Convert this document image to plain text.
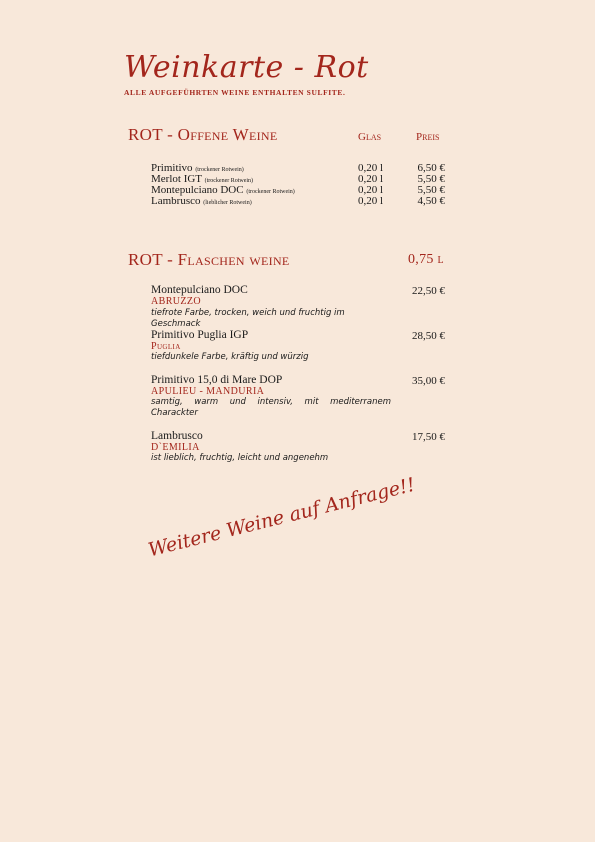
Weinkarte - Rot
ALLE AUFGEFÜHRTEN WEINE ENTHALTEN SULFITE.
ROT - Offene Weine	Glas	Preis
Primitivo (trockener Rotwein)	0,20 l	6,50 €
Merlot IGT (trockener Rotwein)	0,20 l	5,50 €
Montepulciano DOC (trockener Rotwein)	0,20 l	5,50 €
Lambrusco (lieblicher Rotwein)	0,20 l	4,50 €
ROT - Flaschen weine	0,75 l
Montepulciano DOC	22,50 €
ABRUZZO
tiefrote Farbe, trocken, weich und fruchtig im Geschmack
Primitivo Puglia IGP	28,50 €
Puglia
tiefdunkele Farbe, kräftig und würzig
Primitivo 15,0 di Mare DOP	35,00 €
APULIEU - MANDURIA
samtig, warm und intensiv, mit mediterranem Charackter
Lambrusco	17,50 €
D`EMILIA
ist lieblich, fruchtig, leicht und angenehm
Weitere Weine auf Anfrage!!
